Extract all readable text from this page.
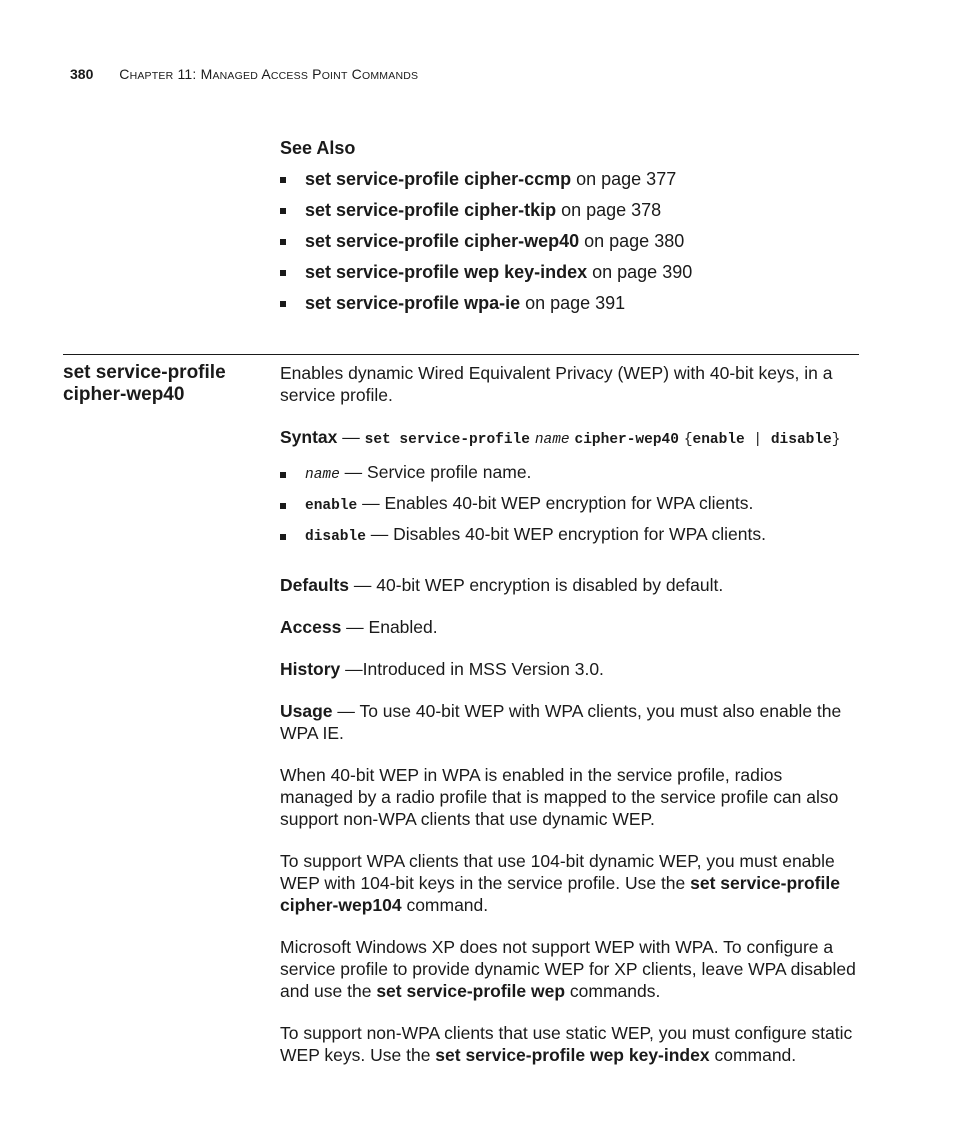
380 CHAPTER 11: MANAGED ACCESS POINT COMMANDS
See Also
set service-profile cipher-ccmp on page 377
set service-profile cipher-tkip on page 378
set service-profile cipher-wep40 on page 380
set service-profile wep key-index on page 390
set service-profile wpa-ie on page 391
set service-profile cipher-wep40

Enables dynamic Wired Equivalent Privacy (WEP) with 40-bit keys, in a service profile.

Syntax — set service-profile name cipher-wep40 {enable | disable}

name — Service profile name.
enable — Enables 40-bit WEP encryption for WPA clients.
disable — Disables 40-bit WEP encryption for WPA clients.

Defaults — 40-bit WEP encryption is disabled by default.

Access — Enabled.

History —Introduced in MSS Version 3.0.

Usage — To use 40-bit WEP with WPA clients, you must also enable the WPA IE.

When 40-bit WEP in WPA is enabled in the service profile, radios managed by a radio profile that is mapped to the service profile can also support non-WPA clients that use dynamic WEP.

To support WPA clients that use 104-bit dynamic WEP, you must enable WEP with 104-bit keys in the service profile. Use the set service-profile cipher-wep104 command.

Microsoft Windows XP does not support WEP with WPA. To configure a service profile to provide dynamic WEP for XP clients, leave WPA disabled and use the set service-profile wep commands.

To support non-WPA clients that use static WEP, you must configure static WEP keys. Use the set service-profile wep key-index command.
